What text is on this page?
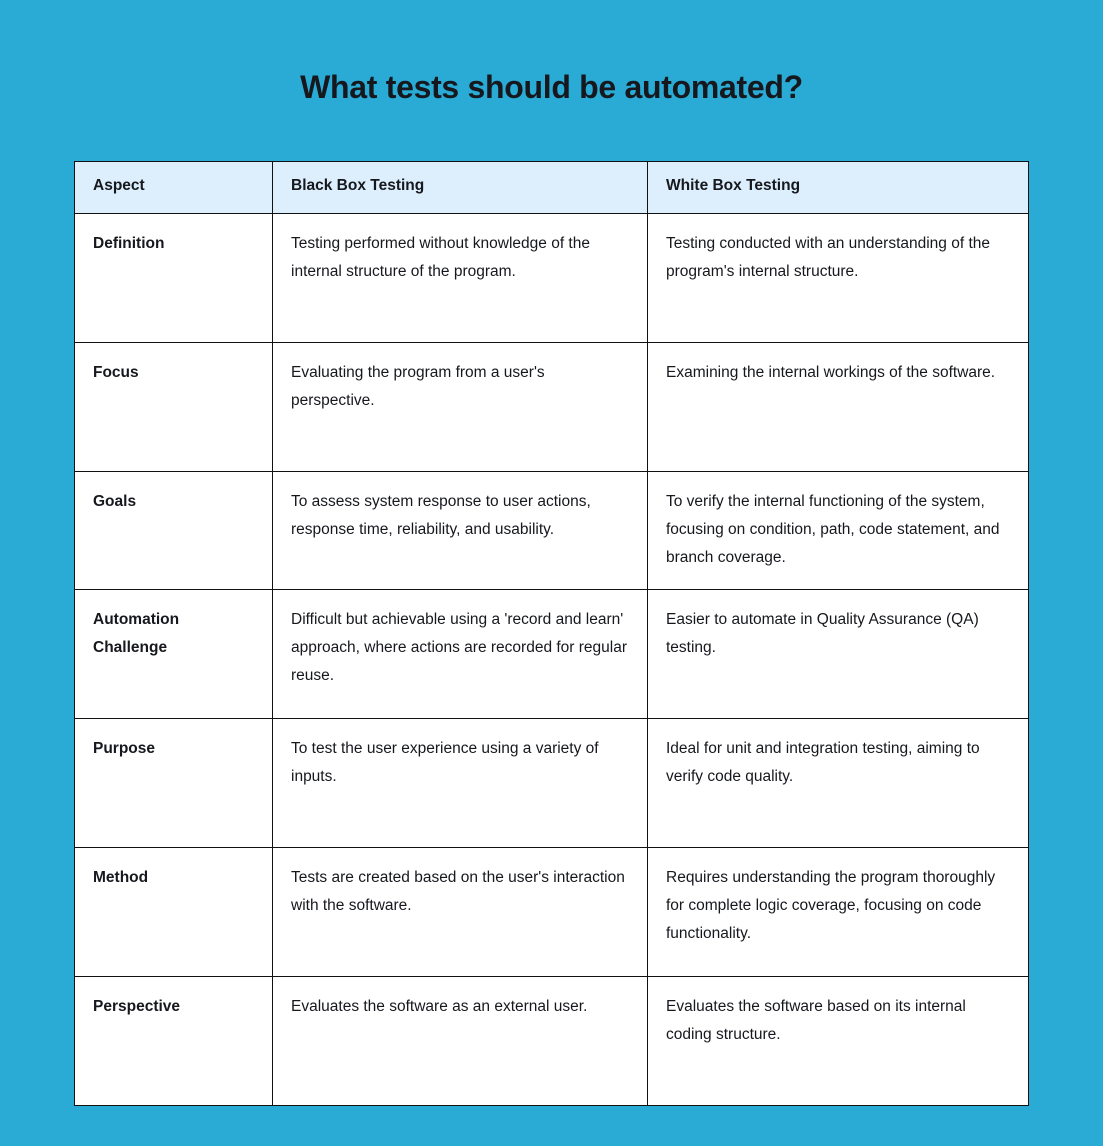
What tests should be automated?
Aspect	Black Box Testing	White Box Testing
Definition	Testing performed without knowledge of the internal structure of the program.	Testing conducted with an understanding of the program's internal structure.
Focus	Evaluating the program from a user's perspective.	Examining the internal workings of the software.
Goals	To assess system response to user actions, response time, reliability, and usability.	To verify the internal functioning of the system, focusing on condition, path, code statement, and branch coverage.
Automation Challenge	Difficult but achievable using a 'record and learn' approach, where actions are recorded for regular reuse.	Easier to automate in Quality Assurance (QA) testing.
Purpose	To test the user experience using a variety of inputs.	Ideal for unit and integration testing, aiming to verify code quality.
Method	Tests are created based on the user's interaction with the software.	Requires understanding the program thoroughly for complete logic coverage, focusing on code functionality.
Perspective	Evaluates the software as an external user.	Evaluates the software based on its internal coding structure.
